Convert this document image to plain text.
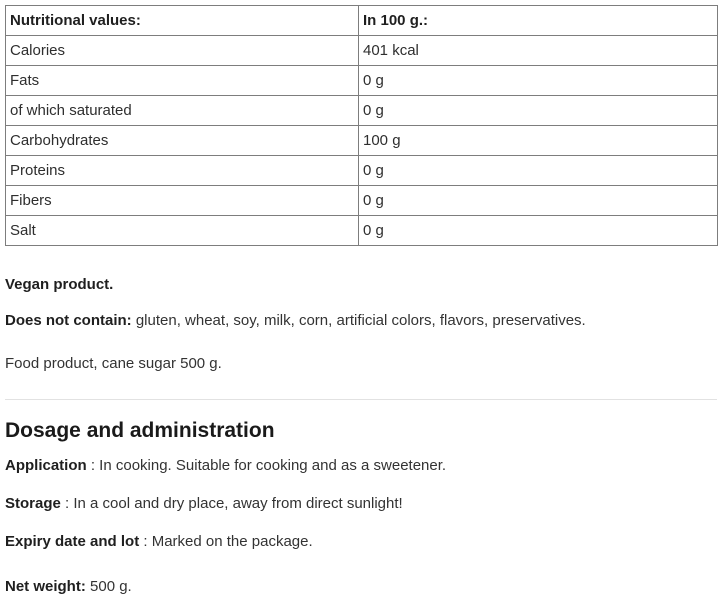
Nutritional values:	In 100 g.:
Calories	401 kcal
Fats	0 g
of which saturated	0 g
Carbohydrates	100 g
Proteins	0 g
Fibers	0 g
Salt	0 g

Vegan product.

Does not contain: gluten, wheat, soy, milk, corn, artificial colors, flavors, preservatives.

Food product, cane sugar 500 g.

Dosage and administration

Application : In cooking. Suitable for cooking and as a sweetener.

Storage : In a cool and dry place, away from direct sunlight!

Expiry date and lot : Marked on the package.

Net weight: 500 g.
